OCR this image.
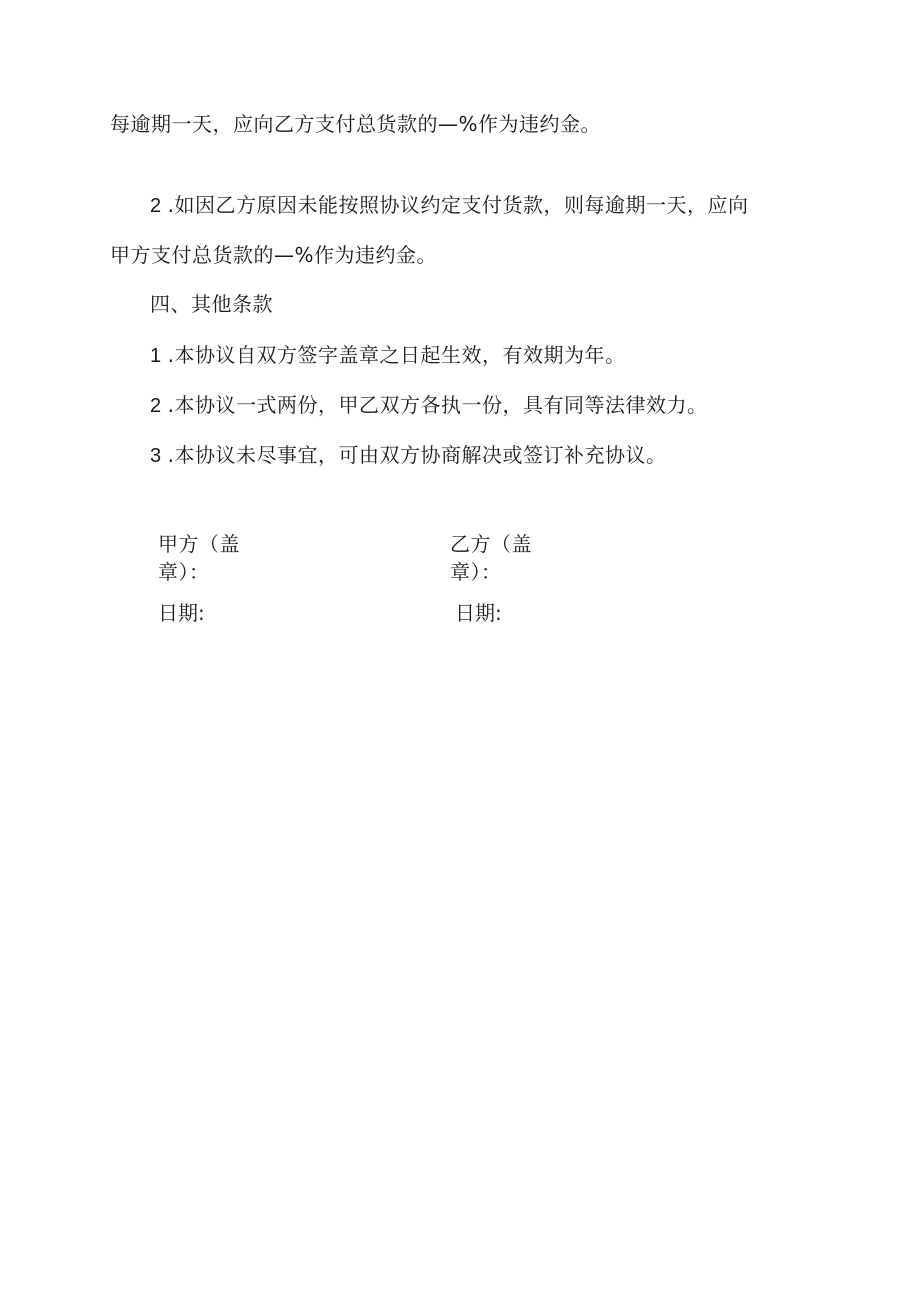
每逾期一天，应向乙方支付总货款的—%作为违约金。
2 .如因乙方原因未能按照协议约定支付货款，则每逾期一天，应向
甲方支付总货款的—%作为违约金。
四、其他条款
1 .本协议自双方签字盖章之日起生效，有效期为年。
2 .本协议一式两份，甲乙双方各执一份，具有同等法律效力。
3 .本协议未尽事宜，可由双方协商解决或签订补充协议。
甲方（盖章）：
乙方（盖章）：
日期:	日期:
